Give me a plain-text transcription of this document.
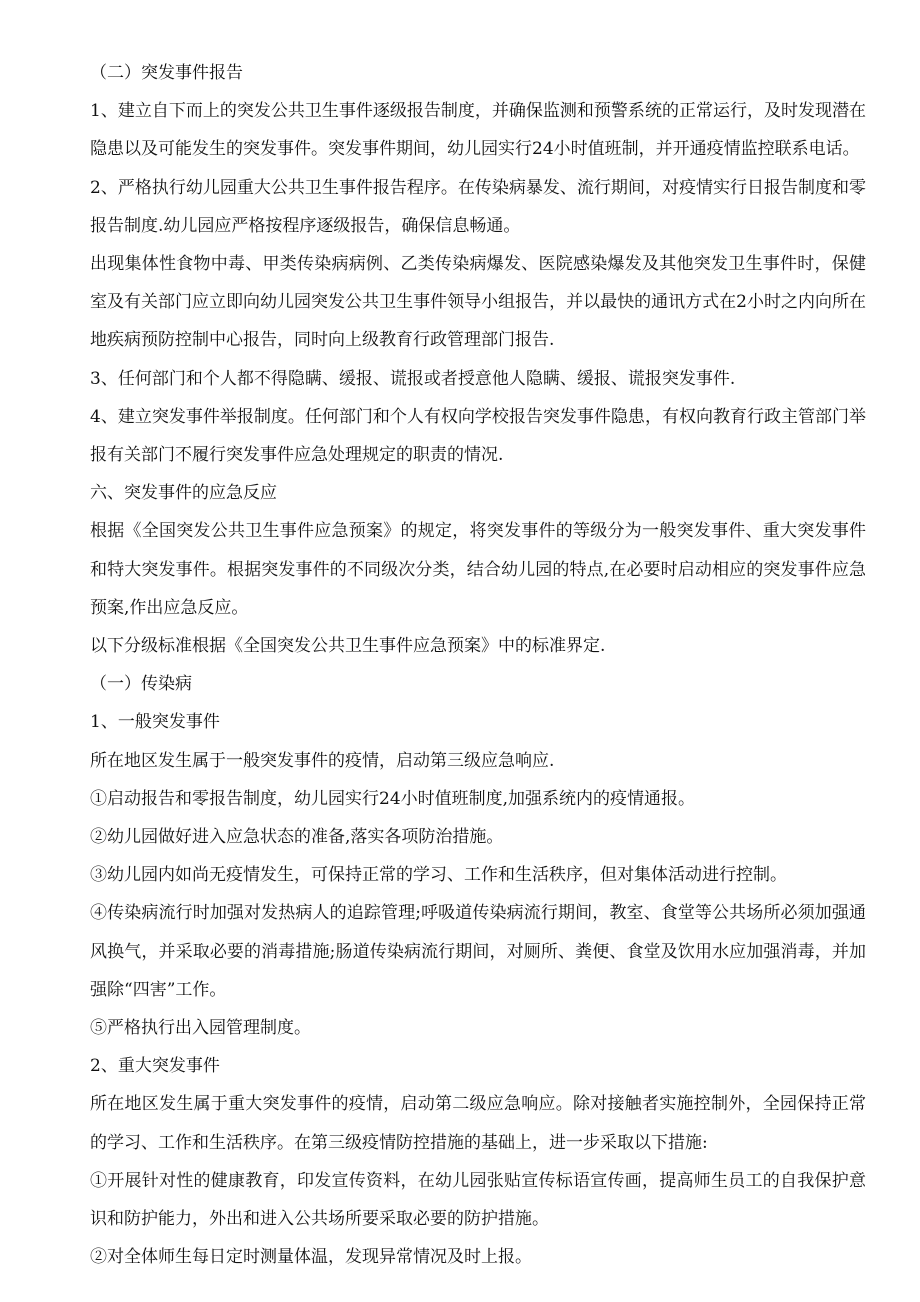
（二）突发事件报告

1、建立自下而上的突发公共卫生事件逐级报告制度，并确保监测和预警系统的正常运行，及时发现潜在隐患以及可能发生的突发事件。突发事件期间，幼儿园实行24小时值班制，并开通疫情监控联系电话。

2、严格执行幼儿园重大公共卫生事件报告程序。在传染病暴发、流行期间，对疫情实行日报告制度和零报告制度.幼儿园应严格按程序逐级报告，确保信息畅通。

出现集体性食物中毒、甲类传染病病例、乙类传染病爆发、医院感染爆发及其他突发卫生事件时，保健室及有关部门应立即向幼儿园突发公共卫生事件领导小组报告，并以最快的通讯方式在2小时之内向所在地疾病预防控制中心报告，同时向上级教育行政管理部门报告.

3、任何部门和个人都不得隐瞒、缓报、谎报或者授意他人隐瞒、缓报、谎报突发事件.

4、建立突发事件举报制度。任何部门和个人有权向学校报告突发事件隐患，有权向教育行政主管部门举报有关部门不履行突发事件应急处理规定的职责的情况.

六、突发事件的应急反应

根据《全国突发公共卫生事件应急预案》的规定，将突发事件的等级分为一般突发事件、重大突发事件和特大突发事件。根据突发事件的不同级次分类，结合幼儿园的特点,在必要时启动相应的突发事件应急预案,作出应急反应。

以下分级标准根据《全国突发公共卫生事件应急预案》中的标准界定.

（一）传染病

1、一般突发事件

所在地区发生属于一般突发事件的疫情，启动第三级应急响应.

①启动报告和零报告制度，幼儿园实行24小时值班制度,加强系统内的疫情通报。

②幼儿园做好进入应急状态的准备,落实各项防治措施。

③幼儿园内如尚无疫情发生，可保持正常的学习、工作和生活秩序，但对集体活动进行控制。

④传染病流行时加强对发热病人的追踪管理;呼吸道传染病流行期间，教室、食堂等公共场所必须加强通风换气，并采取必要的消毒措施;肠道传染病流行期间，对厕所、粪便、食堂及饮用水应加强消毒，并加强除“四害”工作。

⑤严格执行出入园管理制度。

2、重大突发事件

所在地区发生属于重大突发事件的疫情，启动第二级应急响应。除对接触者实施控制外，全园保持正常的学习、工作和生活秩序。在第三级疫情防控措施的基础上，进一步采取以下措施:

①开展针对性的健康教育，印发宣传资料，在幼儿园张贴宣传标语宣传画，提高师生员工的自我保护意识和防护能力，外出和进入公共场所要采取必要的防护措施。

②对全体师生每日定时测量体温，发现异常情况及时上报。
